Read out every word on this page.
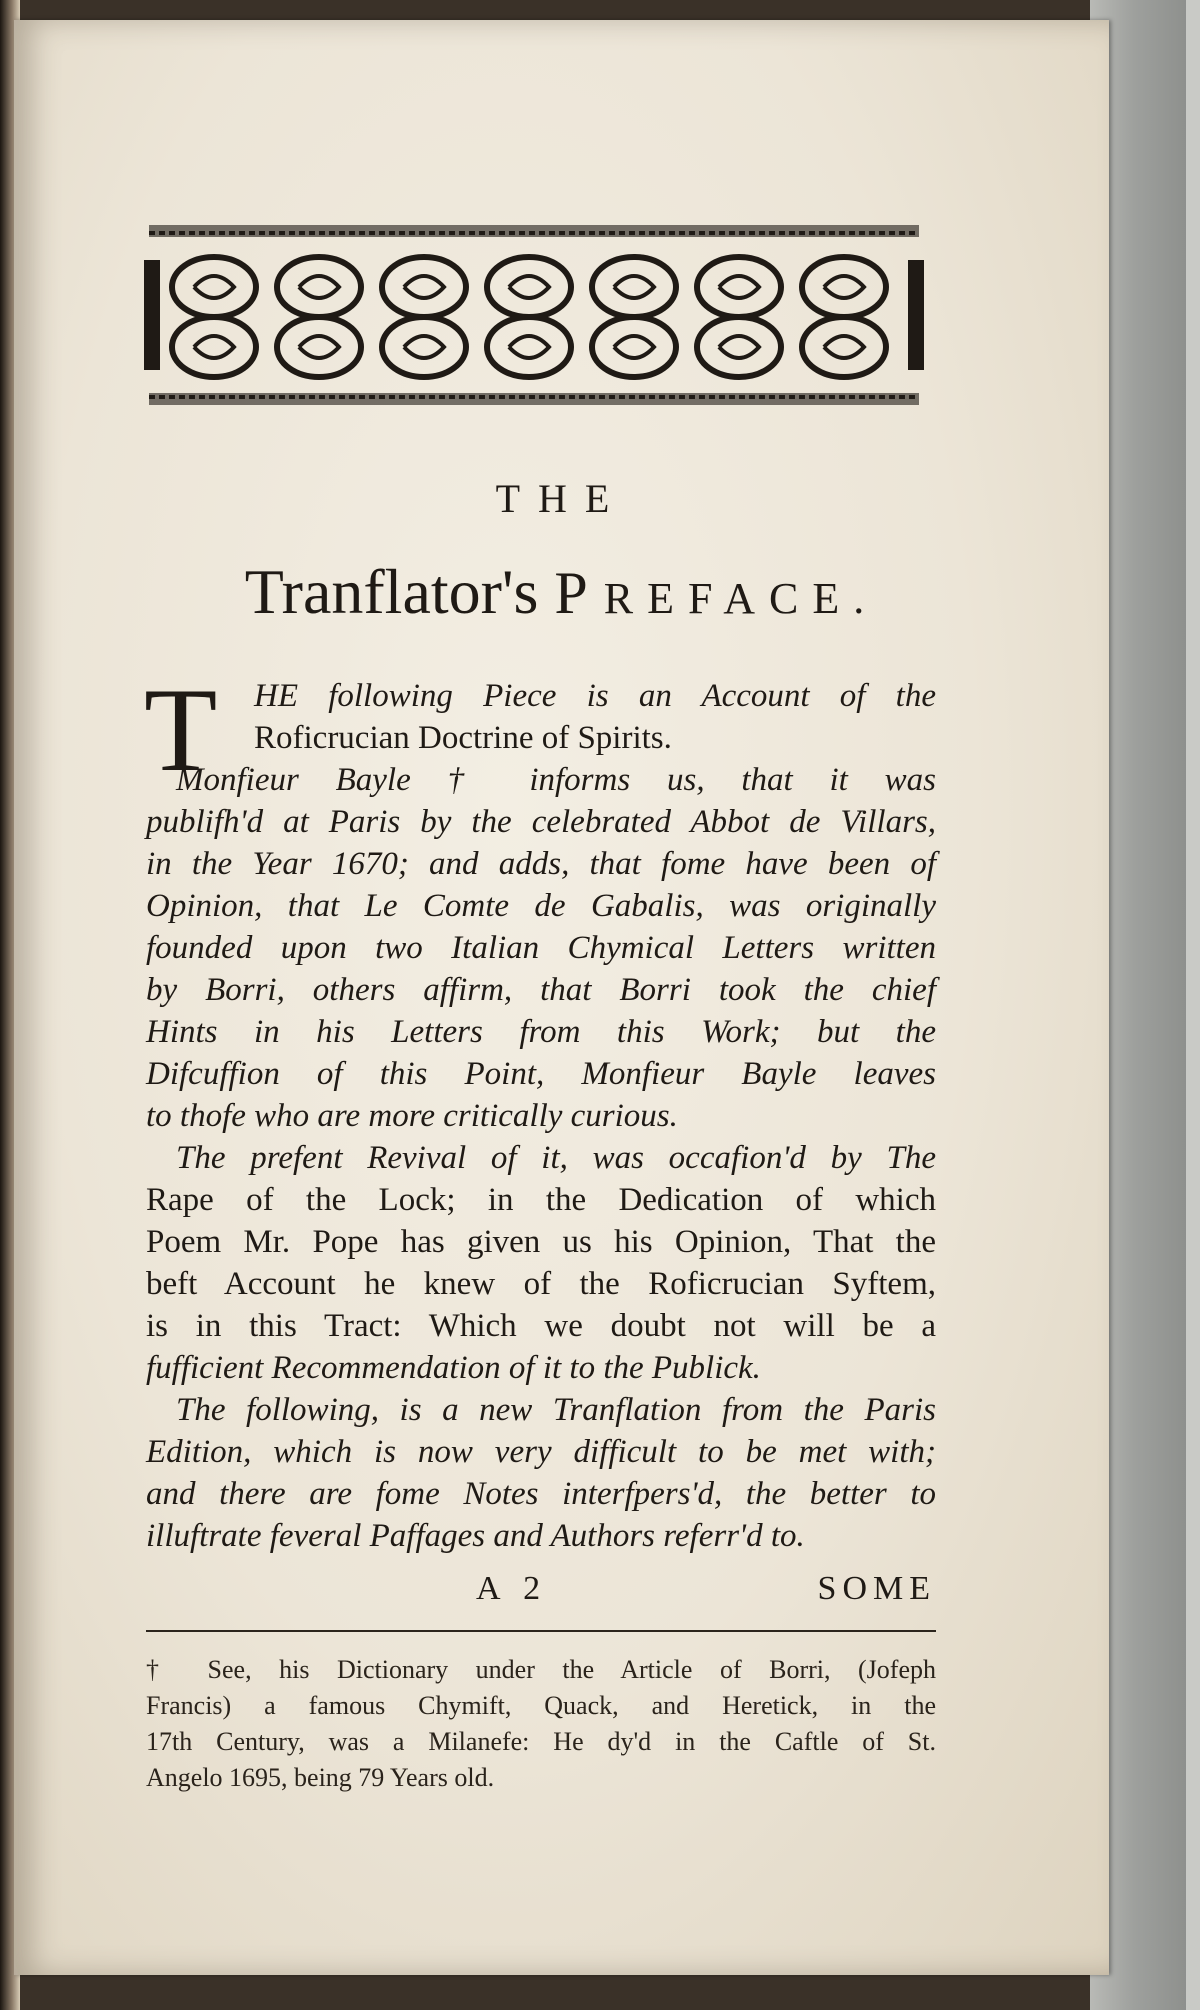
THE
Tranflator's PREFACE.
T HE following Piece is an Account of the
Roficrucian Doctrine of Spirits.
Monfieur Bayle † informs us, that it was
publifh'd at Paris by the celebrated Abbot de Villars,
in the Year 1670; and adds, that fome have been of
Opinion, that Le Comte de Gabalis, was originally
founded upon two Italian Chymical Letters written
by Borri, others affirm, that Borri took the chief
Hints in his Letters from this Work; but the
Difcuffion of this Point, Monfieur Bayle leaves
to thofe who are more critically curious.
The prefent Revival of it, was occafion'd by The
Rape of the Lock; in the Dedication of which
Poem Mr. Pope has given us his Opinion, That the
beft Account he knew of the Roficrucian Syftem,
is in this Tract: Which we doubt not will be a
fufficient Recommendation of it to the Publick.
The following, is a new Tranflation from the Paris
Edition, which is now very difficult to be met with;
and there are fome Notes interfpers'd, the better to
illuftrate feveral Paffages and Authors referr'd to.
A 2	SOME
† See, his Dictionary under the Article of Borri, (Jofeph
Francis) a famous Chymift, Quack, and Heretick, in the
17th Century, was a Milanefe: He dy'd in the Caftle of St.
Angelo 1695, being 79 Years old.
